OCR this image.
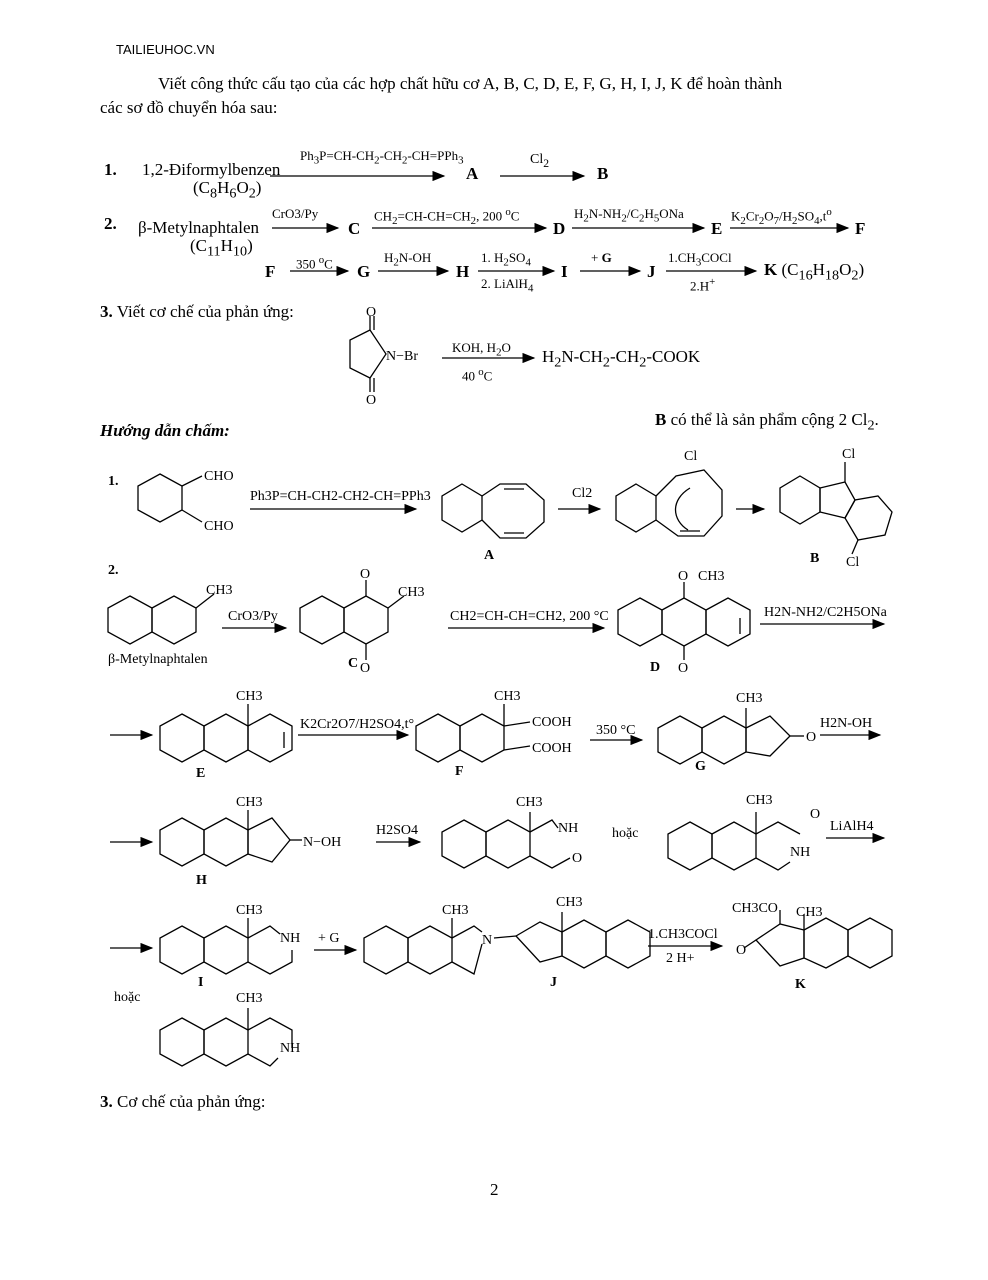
TAILIEUHOC.VN
Viết công thức cấu tạo của các hợp chất hữu cơ A, B, C, D, E, F, G, H, I, J, K để hoàn thành
các sơ đồ chuyển hóa sau:
1. 1,2-Điformylbenzen
$(C_8H_6O_2)$
$Ph_3P=CH-CH_2-CH_2-CH=PPh_3$
A
$Cl_2$
B
2. β-Metylnaphtalen
$(C_{11}H_{10})$
CrO3/Py
C
$CH_2=CH-CH=CH_2$, 200 $^o$C
D
$H_2N-NH_2/C_2H_5ONa$
E
$K_2Cr_2O_7/H_2SO_4,t^o$
F
F 350 $^o$C G
$H_2N-OH$
H
1. $H_2SO_4$
2. LiAlH$_4$
I
+ G
J
$1.CH_3COCl$
2.H+
K $(C_{16}H_{18}O_2)$
3. Viết cơ chế của phản ứng:
KOH, $H_2O$
40 $^o$C
$H_2N-CH_2-CH_2$-COOK
Hướng dẫn chấm:
B có thể là sản phẩm cộng 2 $Cl_2$.
1.
2.
β-Metylnaphtalen
A	B
C	D
E	F	G
H
I	J	K
hoặc
hoặc
3. Cơ chế của phản ứng:
2
O
O
N−Br
CHO
CHO
Ph3P=CH-CH2-CH2-CH=PPh3	Cl2
Cl	Cl
Cl
CH3
CrO3/Py
O
O
CH3
CH2=CH-CH=CH2, 200 °C
O
O
CH3
H2N-NH2/C2H5ONa
CH3
K2Cr2O7/H2SO4,t°
CH3
COOH
COOH
350 °C
CH3
O
H2N-OH
CH3
N−OH
H2SO4
CH3
NH
O
CH3
O
NH
LiAlH4
CH3
NH + G
CH3
N
CH3
1.CH3COCl
2 H+
CH3CO CH3
O
CH3
NH
